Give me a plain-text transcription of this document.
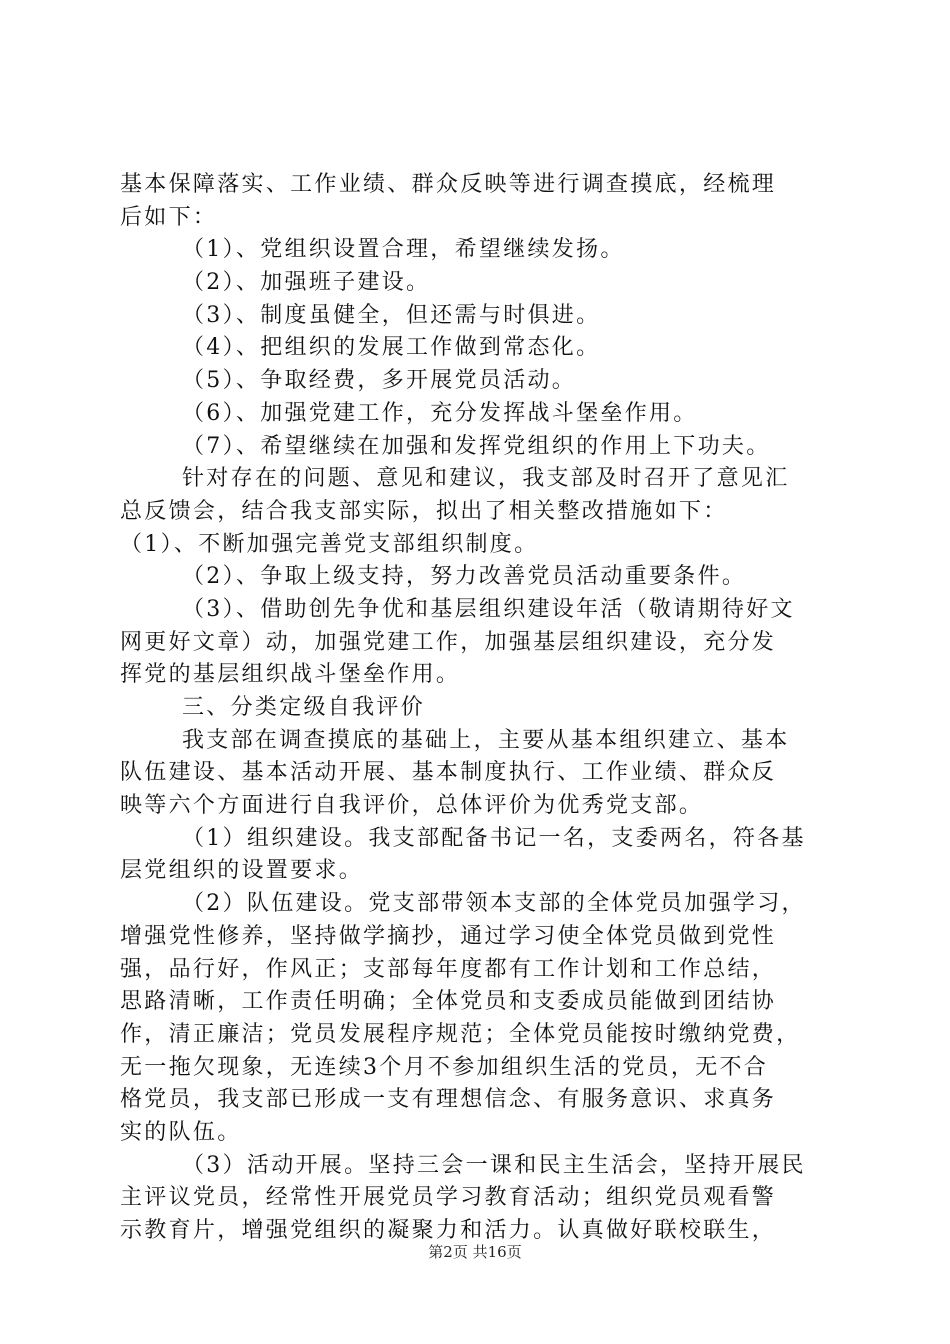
基本保障落实、工作业绩、群众反映等进行调查摸底，经梳理
后如下：
（1）、党组织设置合理，希望继续发扬。
（2）、加强班子建设。
（3）、制度虽健全，但还需与时俱进。
（4）、把组织的发展工作做到常态化。
（5）、争取经费，多开展党员活动。
（6）、加强党建工作，充分发挥战斗堡垒作用。
（7）、希望继续在加强和发挥党组织的作用上下功夫。
针对存在的问题、意见和建议，我支部及时召开了意见汇
总反馈会，结合我支部实际，拟出了相关整改措施如下：
（1）、不断加强完善党支部组织制度。
（2）、争取上级支持，努力改善党员活动重要条件。
（3）、借助创先争优和基层组织建设年活（敬请期待好文
网更好文章）动，加强党建工作，加强基层组织建设，充分发
挥党的基层组织战斗堡垒作用。
三、分类定级自我评价
我支部在调查摸底的基础上，主要从基本组织建立、基本
队伍建设、基本活动开展、基本制度执行、工作业绩、群众反
映等六个方面进行自我评价，总体评价为优秀党支部。
（1）组织建设。我支部配备书记一名，支委两名，符各基
层党组织的设置要求。
（2）队伍建设。党支部带领本支部的全体党员加强学习，
增强党性修养，坚持做学摘抄，通过学习使全体党员做到党性
强，品行好，作风正；支部每年度都有工作计划和工作总结，
思路清晰，工作责任明确；全体党员和支委成员能做到团结协
作，清正廉洁；党员发展程序规范；全体党员能按时缴纳党费，
无一拖欠现象，无连续3个月不参加组织生活的党员，无不合
格党员，我支部已形成一支有理想信念、有服务意识、求真务
实的队伍。
（3）活动开展。坚持三会一课和民主生活会，坚持开展民
主评议党员，经常性开展党员学习教育活动；组织党员观看警
示教育片，增强党组织的凝聚力和活力。认真做好联校联生，
第2页 共16页
